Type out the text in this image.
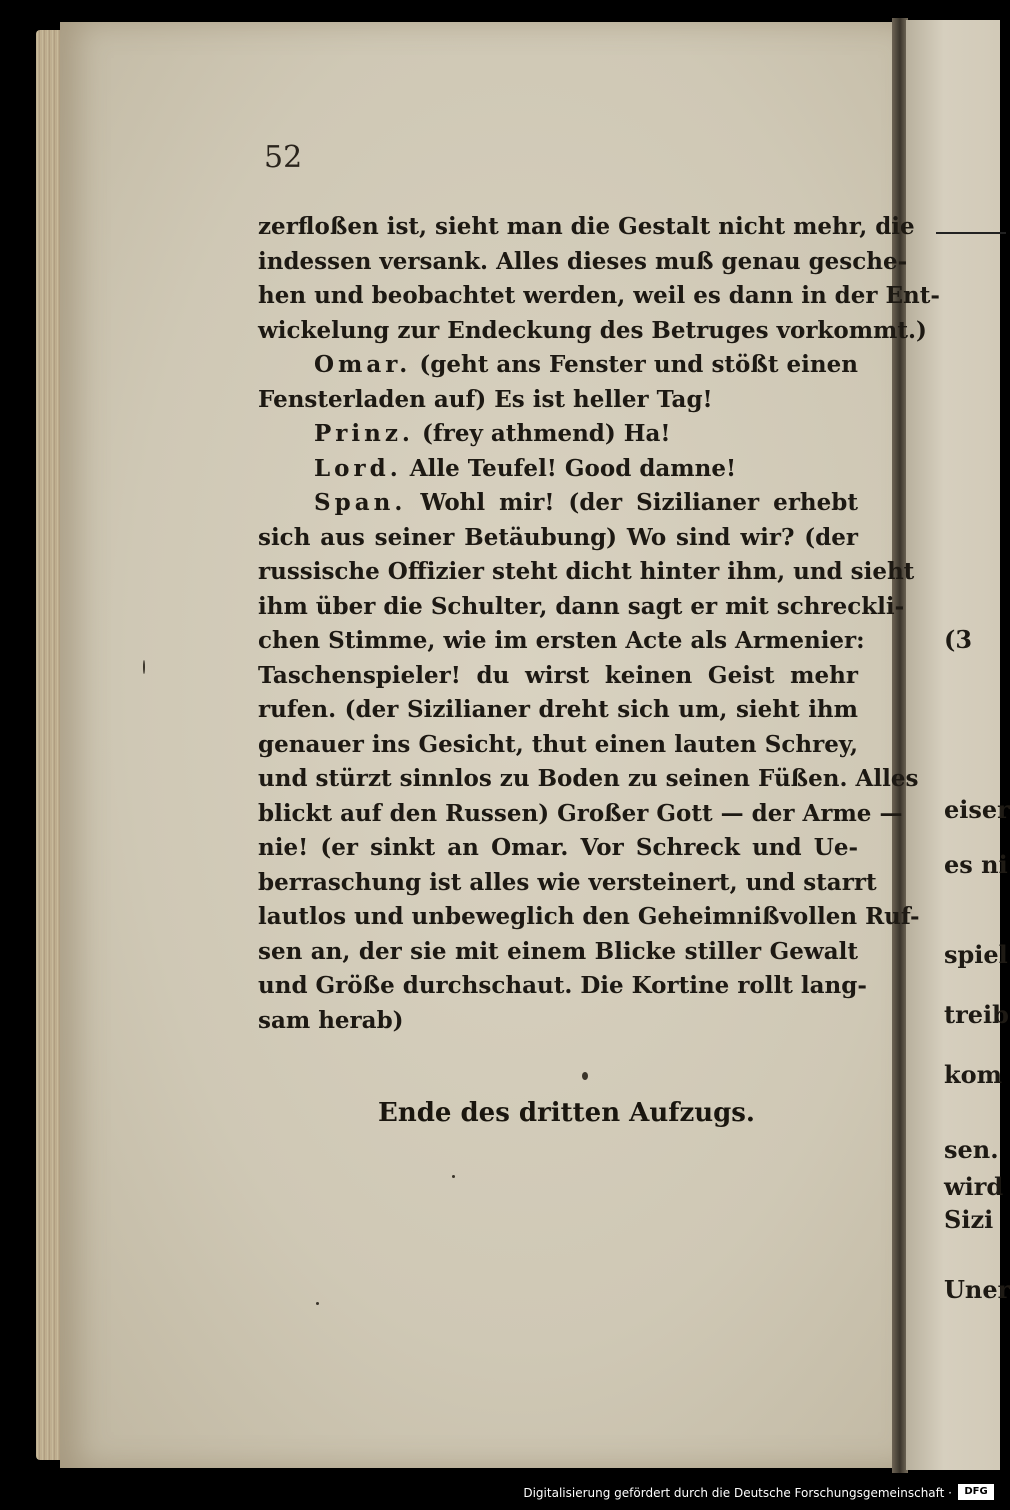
(3
eiser
es ni
spiel
treib
kom
sen.
wird
Sizi
Uner
52
zerfloßen ist, sieht man die Gestalt nicht mehr, die
indessen versank. Alles dieses muß genau gesche-
hen und beobachtet werden, weil es dann in der Ent-
wickelung zur Endeckung des Betruges vorkommt.)
Omar. (geht ans Fenster und stößt einen
Fensterladen auf) Es ist heller Tag!
Prinz. (frey athmend) Ha!
Lord. Alle Teufel! Good damne!
Span. Wohl mir! (der Sizilianer erhebt
sich aus seiner Betäubung) Wo sind wir? (der
russische Offizier steht dicht hinter ihm, und sieht
ihm über die Schulter, dann sagt er mit schreckli-
chen Stimme, wie im ersten Acte als Armenier:
Taschenspieler! du wirst keinen Geist mehr
rufen. (der Sizilianer dreht sich um, sieht ihm
genauer ins Gesicht, thut einen lauten Schrey,
und stürzt sinnlos zu Boden zu seinen Füßen. Alles
blickt auf den Russen) Großer Gott — der Arme —
nie! (er sinkt an Omar. Vor Schreck und Ue-
berraschung ist alles wie versteinert, und starrt
lautlos und unbeweglich den Geheimnißvollen Ruf-
sen an, der sie mit einem Blicke stiller Gewalt
und Größe durchschaut. Die Kortine rollt lang-
sam herab)
Ende des dritten Aufzugs.
Digitalisierung gefördert durch die Deutsche Forschungsgemeinschaft ·	DFG
